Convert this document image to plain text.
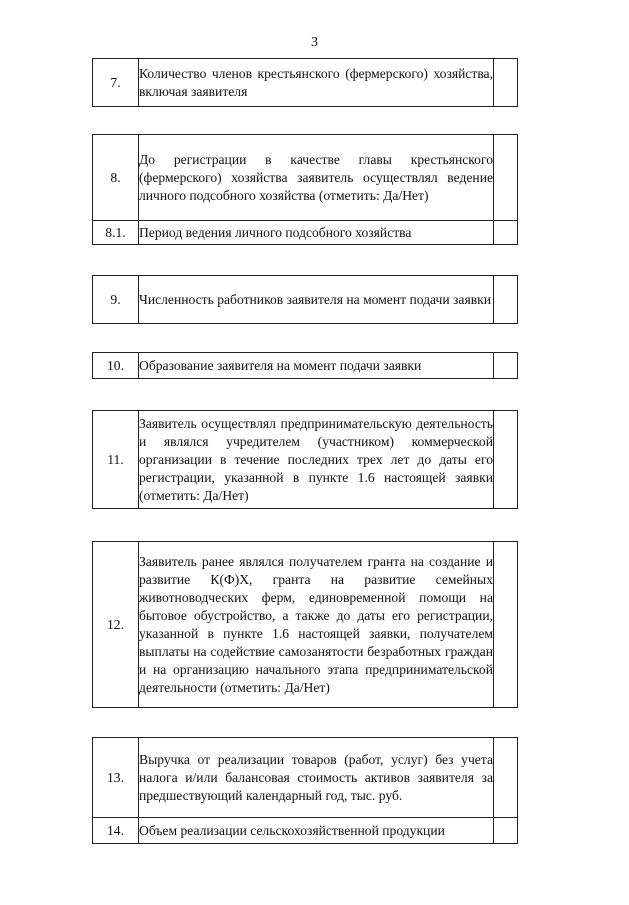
3
7.	Количество членов крестьянского (фермерского) хозяйства, включая заявителя	
8.	До регистрации в качестве главы крестьянского (фермерского) хозяйства заявитель осуществлял ведение личного подсобного хозяйства (отметить: Да/Нет)	
8.1.	Период ведения личного подсобного хозяйства	
9.	Численность работников заявителя на момент подачи заявки	
10.	Образование заявителя на момент подачи заявки	
11.	Заявитель осуществлял предпринимательскую деятельность и являлся учредителем (участником) коммерческой организации в течение последних трех лет до даты его регистрации, указанной в пункте 1.6 настоящей заявки (отметить: Да/Нет)	
12.	Заявитель ранее являлся получателем гранта на создание и развитие К(Ф)Х, гранта на развитие семейных животноводческих ферм, единовременной помощи на бытовое обустройство, а также до даты его регистрации, указанной в пункте 1.6 настоящей заявки, получателем выплаты на содействие самозанятости безработных граждан и на организацию начального этапа предпринимательской деятельности (отметить: Да/Нет)	
13.	Выручка от реализации товаров (работ, услуг) без учета налога и/или балансовая стоимость активов заявителя за предшествующий календарный год, тыс. руб.	
14.	Объем реализации сельскохозяйственной продукции	
